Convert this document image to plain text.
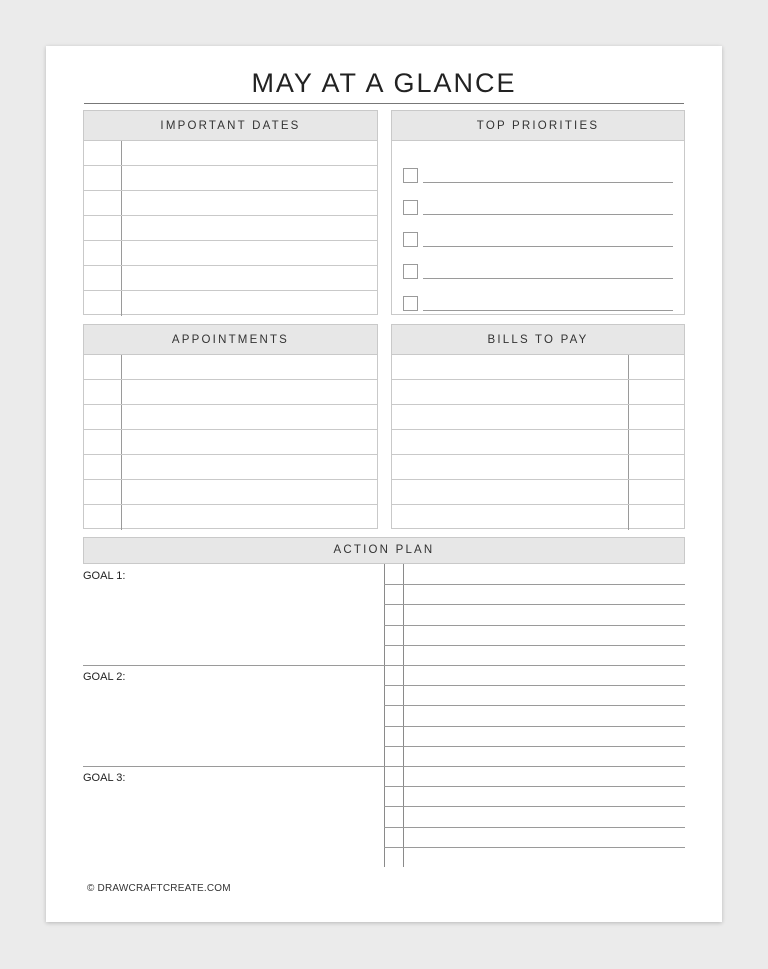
MAY AT A GLANCE
IMPORTANT DATES	TOP PRIORITIES
APPOINTMENTS	BILLS TO PAY
ACTION PLAN
GOAL 1:
GOAL 2:
GOAL 3:
© DRAWCRAFTCREATE.COM
